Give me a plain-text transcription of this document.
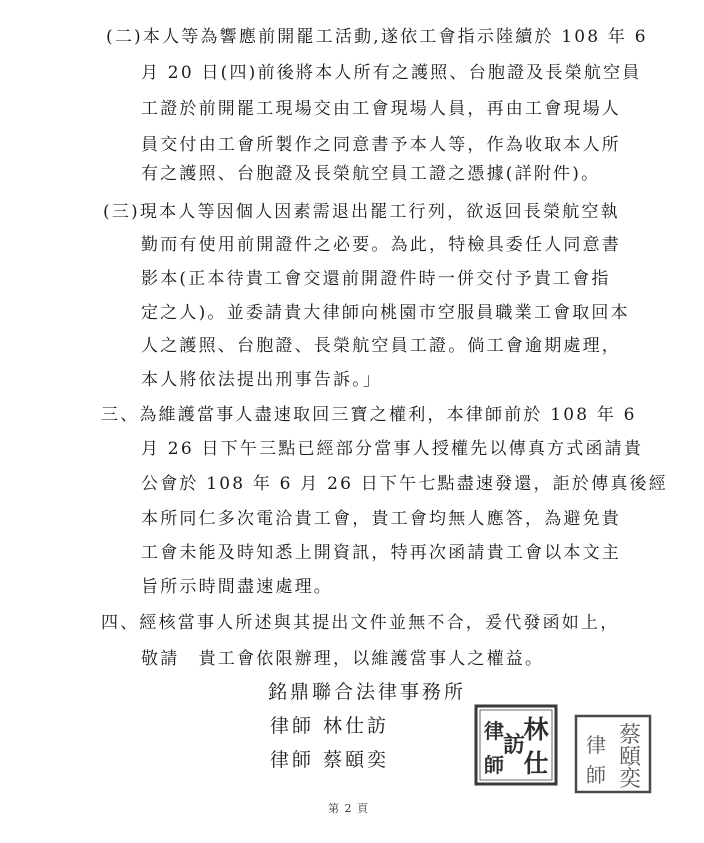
(二)本人等為響應前開罷工活動,遂依工會指示陸續於 108 年 6
月 20 日(四)前後將本人所有之護照、台胞證及長榮航空員
工證於前開罷工現場交由工會現場人員，再由工會現場人
員交付由工會所製作之同意書予本人等，作為收取本人所
有之護照、台胞證及長榮航空員工證之憑據(詳附件)。
(三)現本人等因個人因素需退出罷工行列，欲返回長榮航空執
勤而有使用前開證件之必要。為此，特檢具委任人同意書
影本(正本待貴工會交還前開證件時一併交付予貴工會指
定之人)。並委請貴大律師向桃園市空服員職業工會取回本
人之護照、台胞證、長榮航空員工證。倘工會逾期處理，
本人將依法提出刑事告訴。」
三、為維護當事人盡速取回三寶之權利，本律師前於 108 年 6
月 26 日下午三點已經部分當事人授權先以傳真方式函請貴
公會於 108 年 6 月 26 日下午七點盡速發還，詎於傳真後經
本所同仁多次電洽貴工會，貴工會均無人應答，為避免貴
工會未能及時知悉上開資訊，特再次函請貴工會以本文主
旨所示時間盡速處理。
四、經核當事人所述與其提出文件並無不合，爰代發函如上，
敬請　貴工會依限辦理，以維護當事人之權益。
銘鼎聯合法律事務所
律師 林仕訪
律師 蔡頤奕
林
仕
訪
律
師
蔡
頤
奕
律
師
第 2 頁
